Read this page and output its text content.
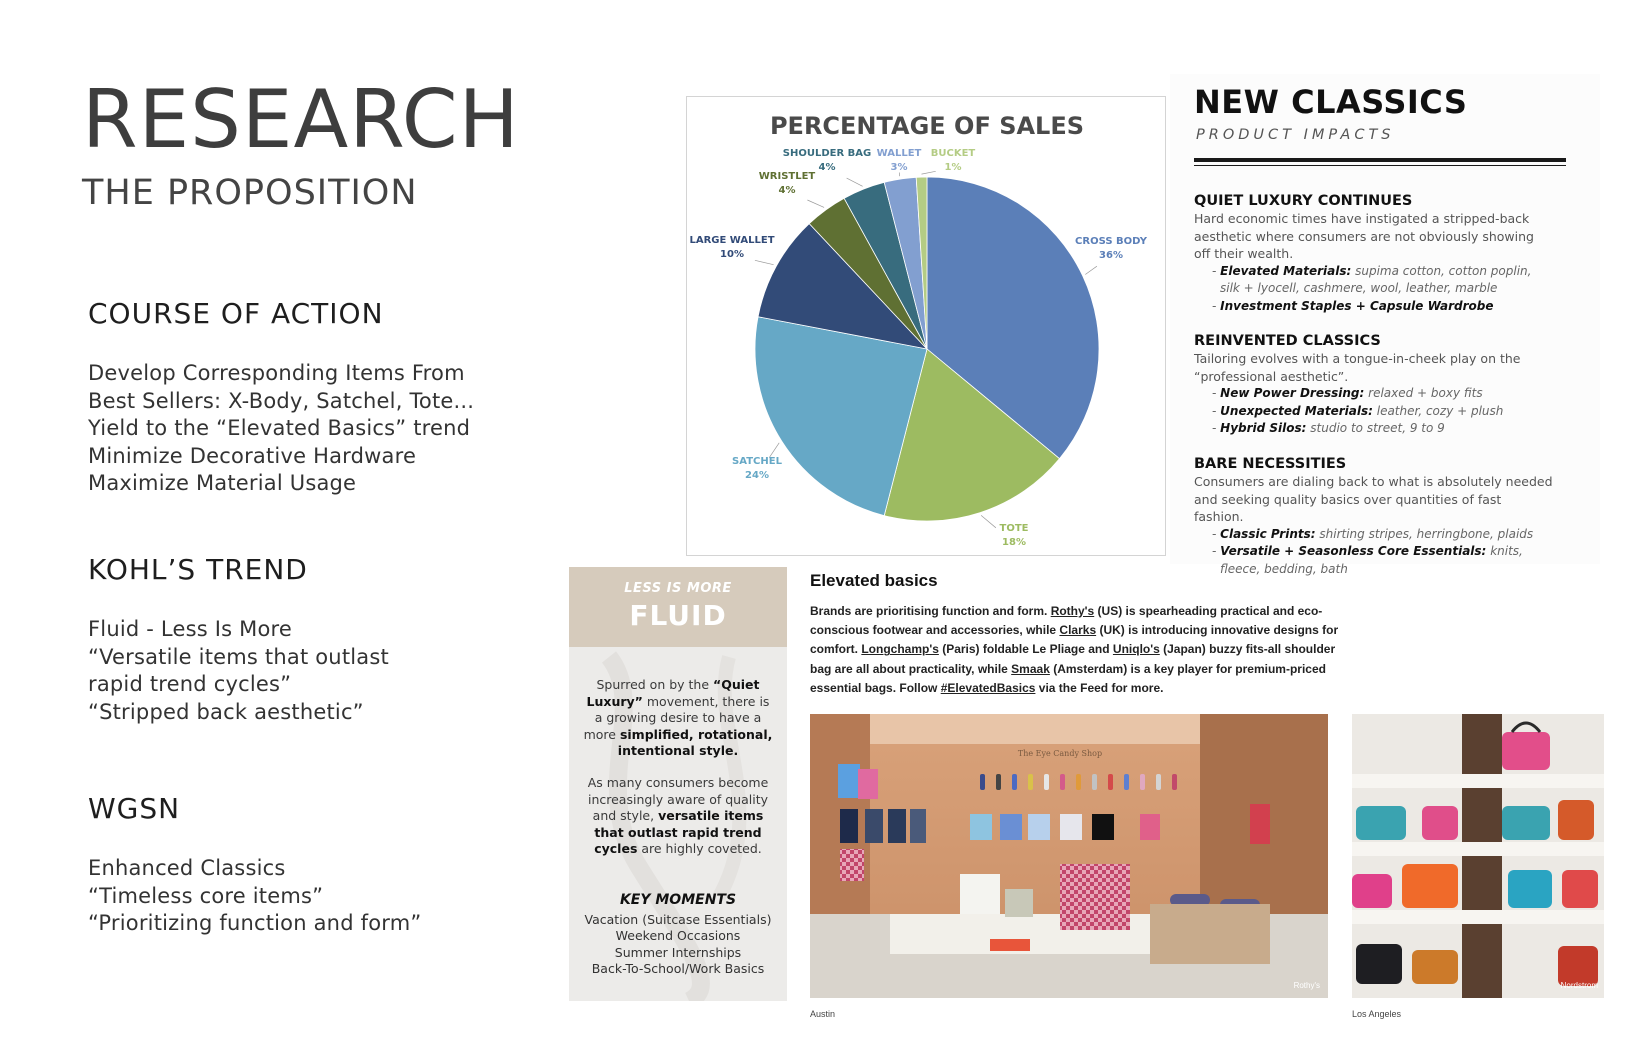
RESEARCH
THE PROPOSITION
COURSE OF ACTION
Develop Corresponding Items From
Best Sellers: X-Body, Satchel, Tote...
Yield to the “Elevated Basics” trend
Minimize Decorative Hardware
Maximize Material Usage
KOHL’S TREND
Fluid - Less Is More
“Versatile items that outlast
rapid trend cycles”
“Stripped back aesthetic”
WGSN
Enhanced Classics
“Timeless core items”
“Prioritizing function and form”
PERCENTAGE OF SALES
CROSS BODY
36%
TOTE
18%
SATCHEL
24%
LARGE WALLET
10%
WRISTLET
4%
SHOULDER BAG
4%
WALLET
3%
BUCKET
1%
NEW CLASSICS
PRODUCT IMPACTS
QUIET LUXURY CONTINUES

Hard economic times have instigated a stripped-back aesthetic where consumers are not obviously showing off their wealth.

- Elevated Materials: supima cotton, cotton poplin, silk + lyocell, cashmere, wool, leather, marble
- Investment Staples + Capsule Wardrobe
REINVENTED CLASSICS

Tailoring evolves with a tongue-in-cheek play on the “professional aesthetic”.

- New Power Dressing: relaxed + boxy fits
- Unexpected Materials: leather, cozy + plush
- Hybrid Silos: studio to street, 9 to 9
BARE NECESSITIES

Consumers are dialing back to what is absolutely needed and seeking quality basics over quantities of fast fashion.

- Classic Prints: shirting stripes, herringbone, plaids
- Versatile + Seasonless Core Essentials: knits, fleece, bedding, bath
LESS IS MORE
FLUID
Spurred on by the “Quiet Luxury” movement, there is a growing desire to have a more simplified, rotational, intentional style.
As many consumers become increasingly aware of quality and style, versatile items that outlast rapid trend cycles are highly coveted.
KEY MOMENTS
Vacation (Suitcase Essentials)
Weekend Occasions
Summer Internships
Back-To-School/Work Basics
Elevated basics
Brands are prioritising function and form. Rothy's (US) is spearheading practical and eco-
conscious footwear and accessories, while Clarks (UK) is introducing innovative designs for
comfort. Longchamp's (Paris) foldable Le Pliage and Uniqlo's (Japan) buzzy fits-all shoulder
bag are all about practicality, while Smaak (Amsterdam) is a key player for premium-priced
essential bags. Follow #ElevatedBasics via the Feed for more.
The Eye Candy Shop
Rothy's
Austin
Nordstrom
Los Angeles
